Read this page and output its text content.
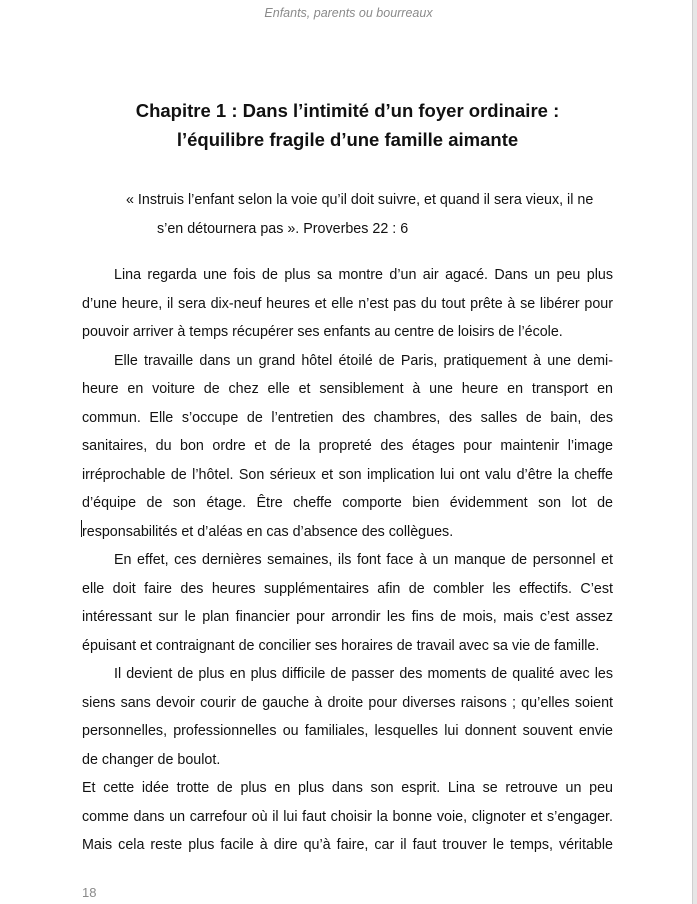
Enfants, parents ou bourreaux
Chapitre 1 : Dans l’intimité d’un foyer ordinaire :
l’équilibre fragile d’une famille aimante

« Instruis l’enfant selon la voie qu’il doit suivre, et quand il sera vieux, il ne
s’en détournera pas ». Proverbes 22 : 6

Lina regarda une fois de plus sa montre d’un air agacé. Dans un peu plus
d’une heure, il sera dix-neuf heures et elle n’est pas du tout prête à se libérer pour
pouvoir arriver à temps récupérer ses enfants au centre de loisirs de l’école.
Elle travaille dans un grand hôtel étoilé de Paris, pratiquement à une demi-
heure en voiture de chez elle et sensiblement à une heure en transport en
commun. Elle s’occupe de l’entretien des chambres, des salles de bain, des
sanitaires, du bon ordre et de la propreté des étages pour maintenir l’image
irréprochable de l’hôtel. Son sérieux et son implication lui ont valu d’être la cheffe
d’équipe de son étage. Être cheffe comporte bien évidemment son lot de
responsabilités et d’aléas en cas d’absence des collègues.
En effet, ces dernières semaines, ils font face à un manque de personnel et
elle doit faire des heures supplémentaires afin de combler les effectifs. C’est
intéressant sur le plan financier pour arrondir les fins de mois, mais c’est assez
épuisant et contraignant de concilier ses horaires de travail avec sa vie de famille.
Il devient de plus en plus difficile de passer des moments de qualité avec les
siens sans devoir courir de gauche à droite pour diverses raisons ; qu’elles soient
personnelles, professionnelles ou familiales, lesquelles lui donnent souvent envie
de changer de boulot.
Et cette idée trotte de plus en plus dans son esprit. Lina se retrouve un peu
comme dans un carrefour où il lui faut choisir la bonne voie, clignoter et s’engager.
Mais cela reste plus facile à dire qu’à faire, car il faut trouver le temps, véritable
18
